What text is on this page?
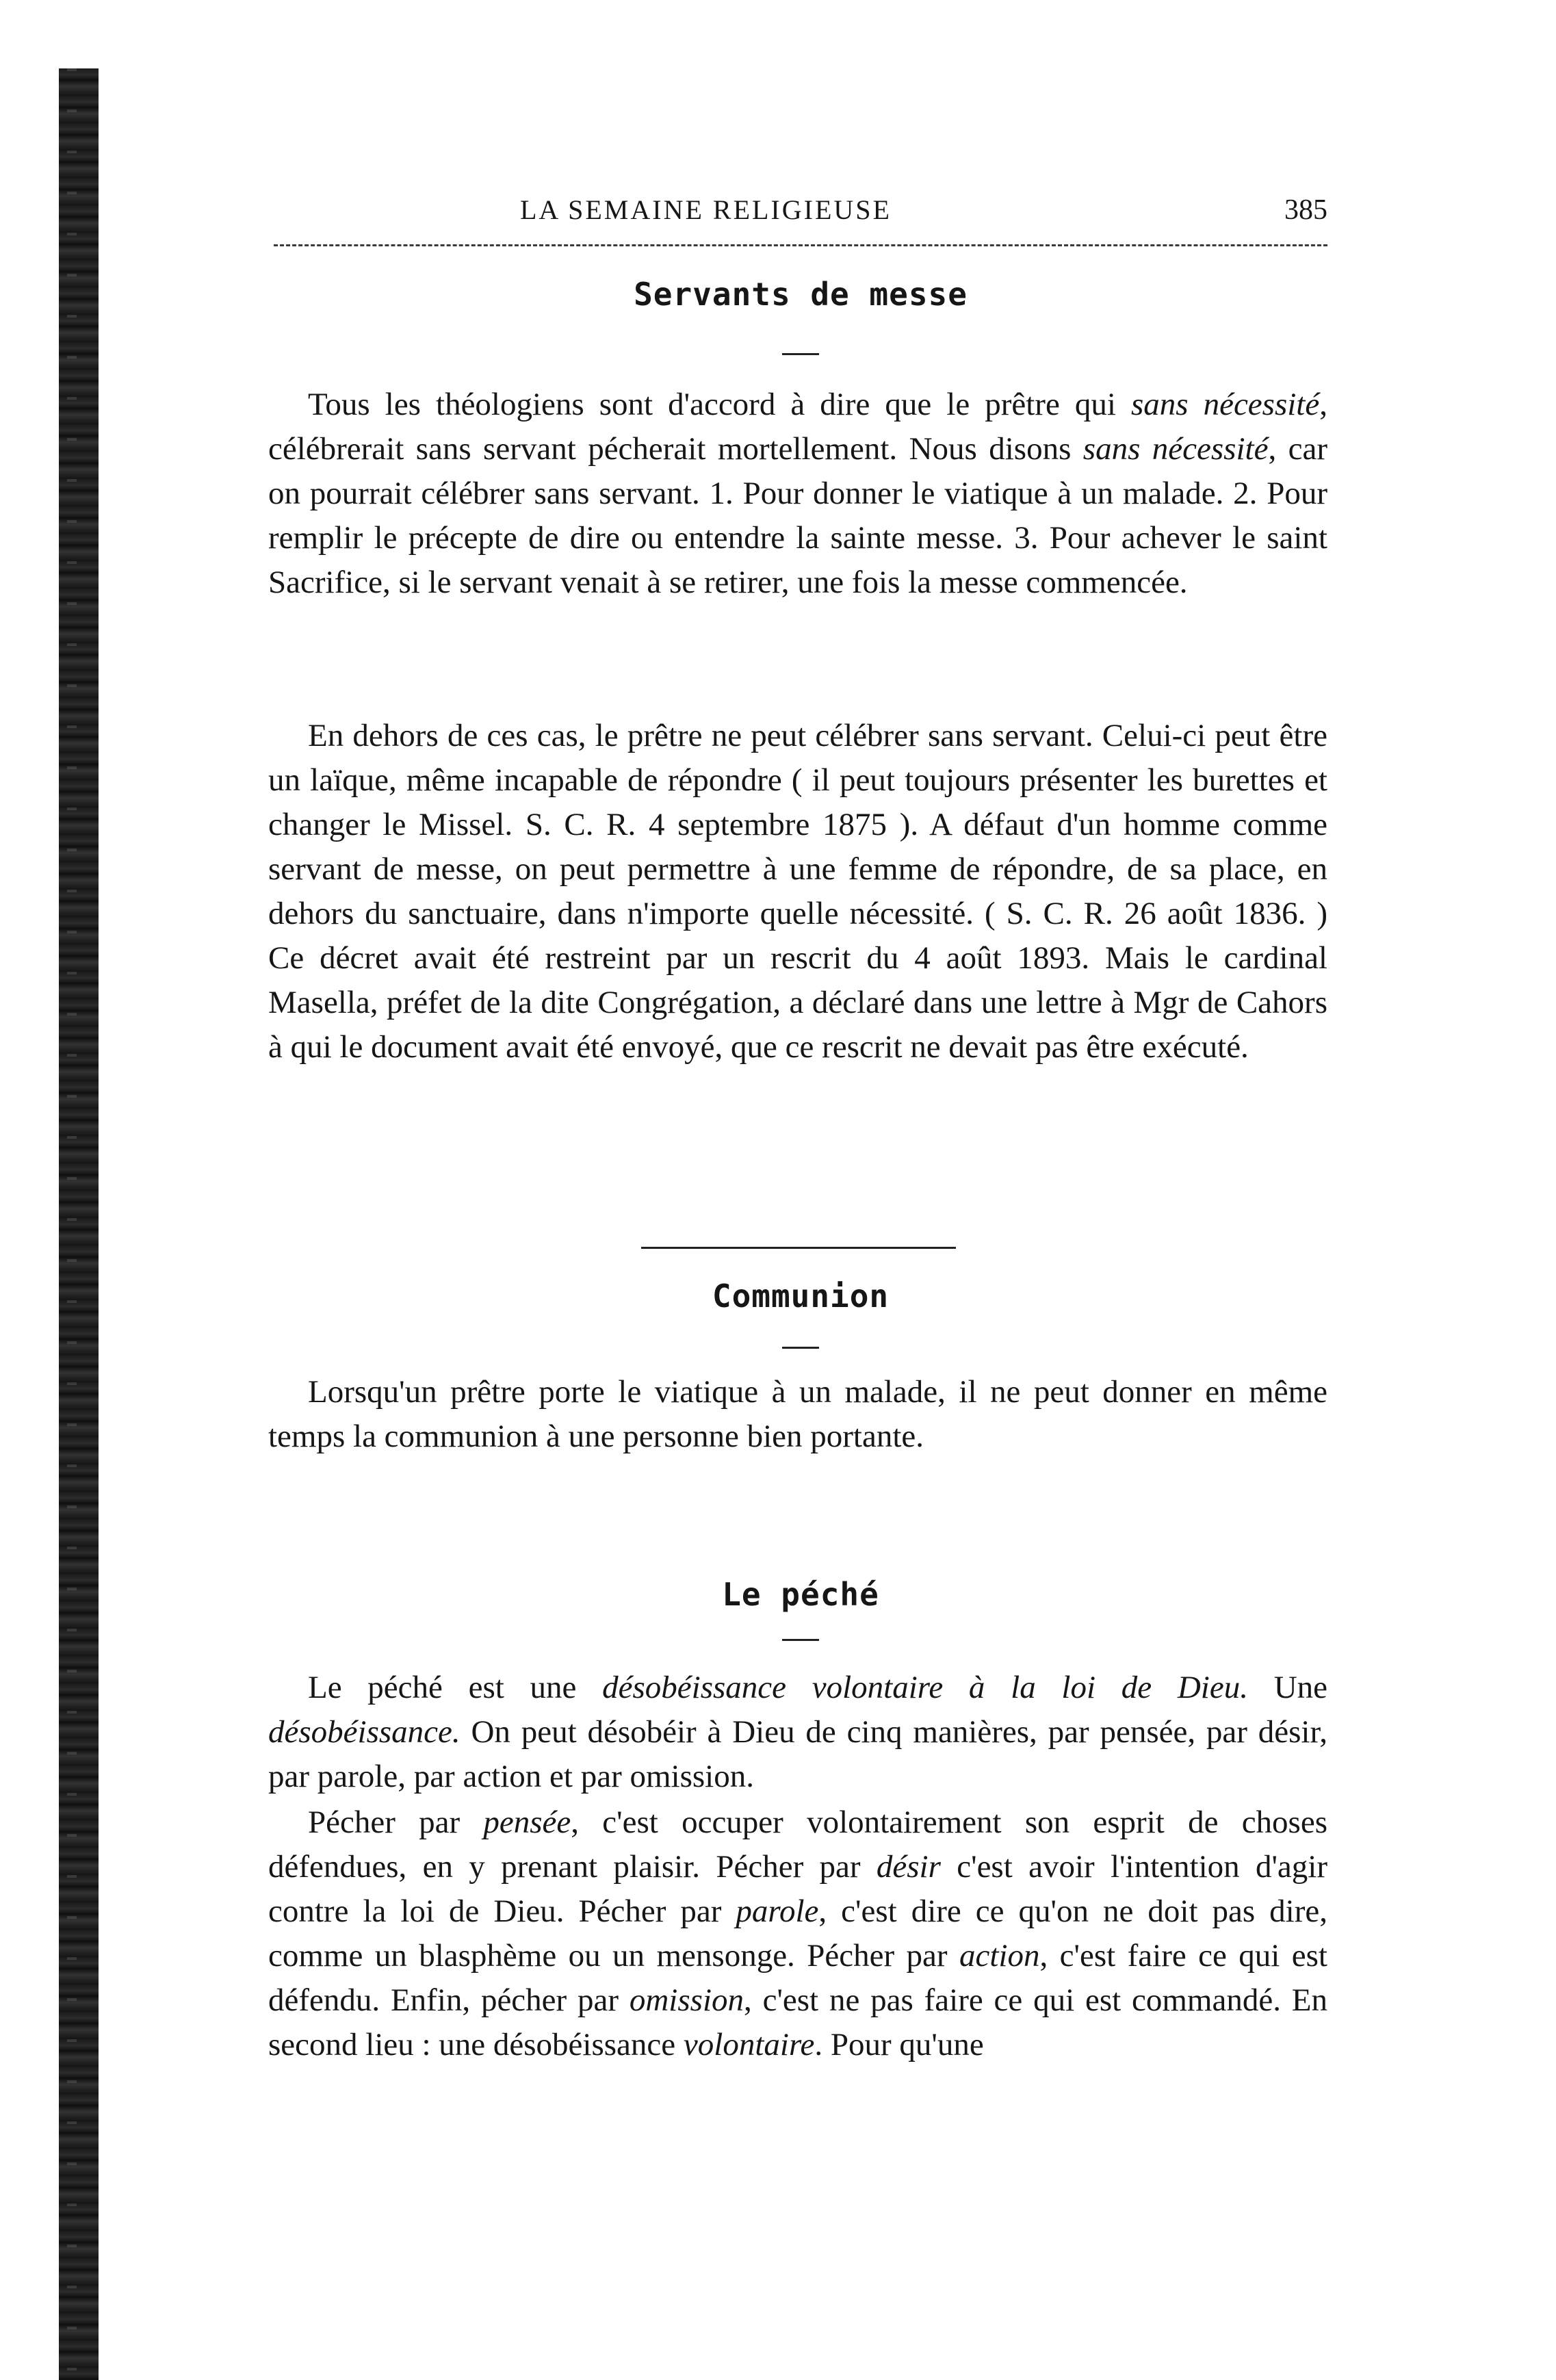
LA SEMAINE RELIGIEUSE	385
Servants de messe

Tous les théologiens sont d'accord à dire que le prêtre qui sans nécessité, célébrerait sans servant pécherait mortellement. Nous disons sans nécessité, car on pourrait célébrer sans servant. 1. Pour donner le viatique à un malade. 2. Pour remplir le précepte de dire ou entendre la sainte messe. 3. Pour achever le saint Sacrifice, si le servant venait à se retirer, une fois la messe commencée.

En dehors de ces cas, le prêtre ne peut célébrer sans servant. Celui-ci peut être un laïque, même incapable de répondre ( il peut toujours présenter les burettes et changer le Missel. S. C. R. 4 septembre 1875 ). A défaut d'un homme comme servant de messe, on peut permettre à une femme de répondre, de sa place, en dehors du sanctuaire, dans n'importe quelle nécessité. ( S. C. R. 26 août 1836. ) Ce décret avait été restreint par un rescrit du 4 août 1893. Mais le cardinal Masella, préfet de la dite Congrégation, a déclaré dans une lettre à Mgr de Cahors à qui le document avait été envoyé, que ce rescrit ne devait pas être exécuté.

Communion

Lorsqu'un prêtre porte le viatique à un malade, il ne peut donner en même temps la communion à une personne bien portante.

Le péché

Le péché est une désobéissance volontaire à la loi de Dieu. Une désobéissance. On peut désobéir à Dieu de cinq manières, par pensée, par désir, par parole, par action et par omission.

Pécher par pensée, c'est occuper volontairement son esprit de choses défendues, en y prenant plaisir. Pécher par désir c'est avoir l'intention d'agir contre la loi de Dieu. Pécher par parole, c'est dire ce qu'on ne doit pas dire, comme un blasphème ou un mensonge. Pécher par action, c'est faire ce qui est défendu. Enfin, pécher par omission, c'est ne pas faire ce qui est commandé. En second lieu : une désobéissance volontaire. Pour qu'une
